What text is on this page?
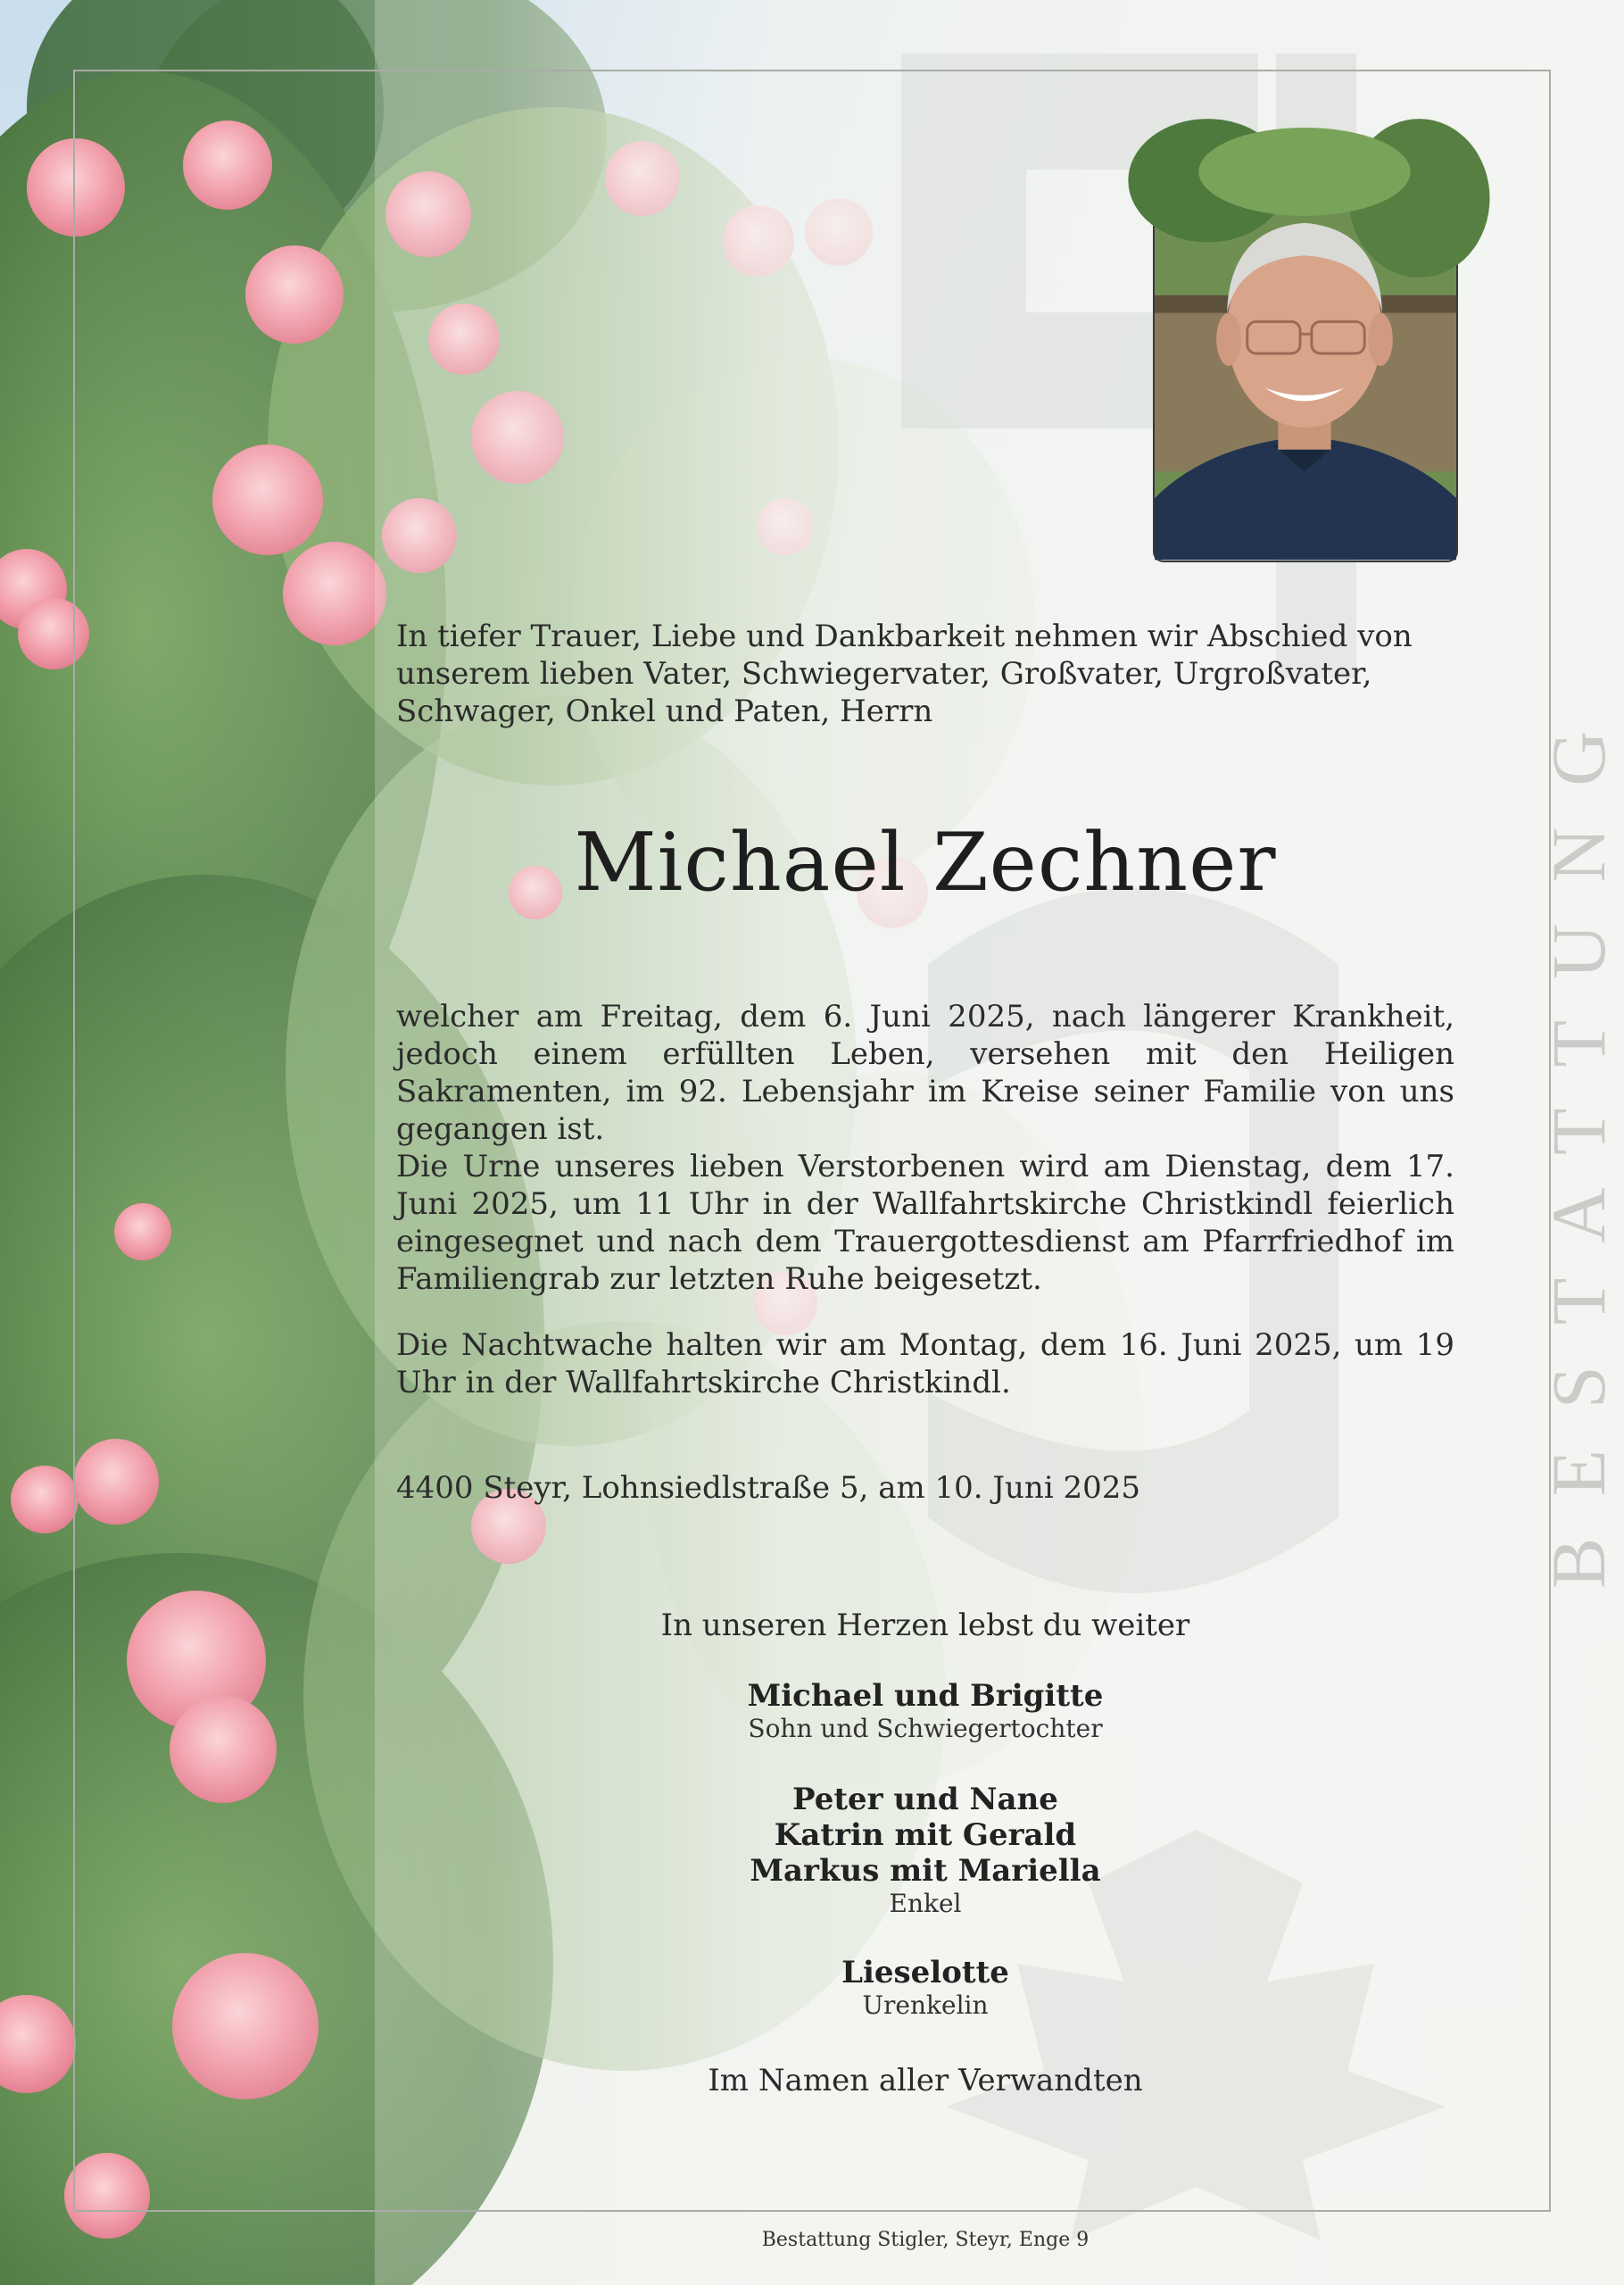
BESTATTUNG
In tiefer Trauer, Liebe und Dankbarkeit nehmen wir Abschied von unserem lieben Vater, Schwiegervater, Großvater, Urgroßvater, Schwager, Onkel und Paten, Herrn
Michael Zechner
welcher am Freitag, dem 6. Juni 2025, nach längerer Krankheit, jedoch einem erfüllten Leben, versehen mit den Heiligen Sakramenten, im 92. Lebensjahr im Kreise seiner Familie von uns gegangen ist.
Die Urne unseres lieben Verstorbenen wird am Dienstag, dem 17. Juni 2025, um 11 Uhr in der Wallfahrtskirche Christkindl feierlich eingesegnet und nach dem Trauergottesdienst am Pfarrfriedhof im Familiengrab zur letzten Ruhe beigesetzt.
Die Nachtwache halten wir am Montag, dem 16. Juni 2025, um 19 Uhr in der Wallfahrtskirche Christkindl.
4400 Steyr, Lohnsiedlstraße 5, am 10. Juni 2025
In unseren Herzen lebst du weiter
Michael und Brigitte
Sohn und Schwiegertochter
Peter und Nane
Katrin mit Gerald
Markus mit Mariella
Enkel
Lieselotte
Urenkelin
Im Namen aller Verwandten
Bestattung Stigler, Steyr, Enge 9
